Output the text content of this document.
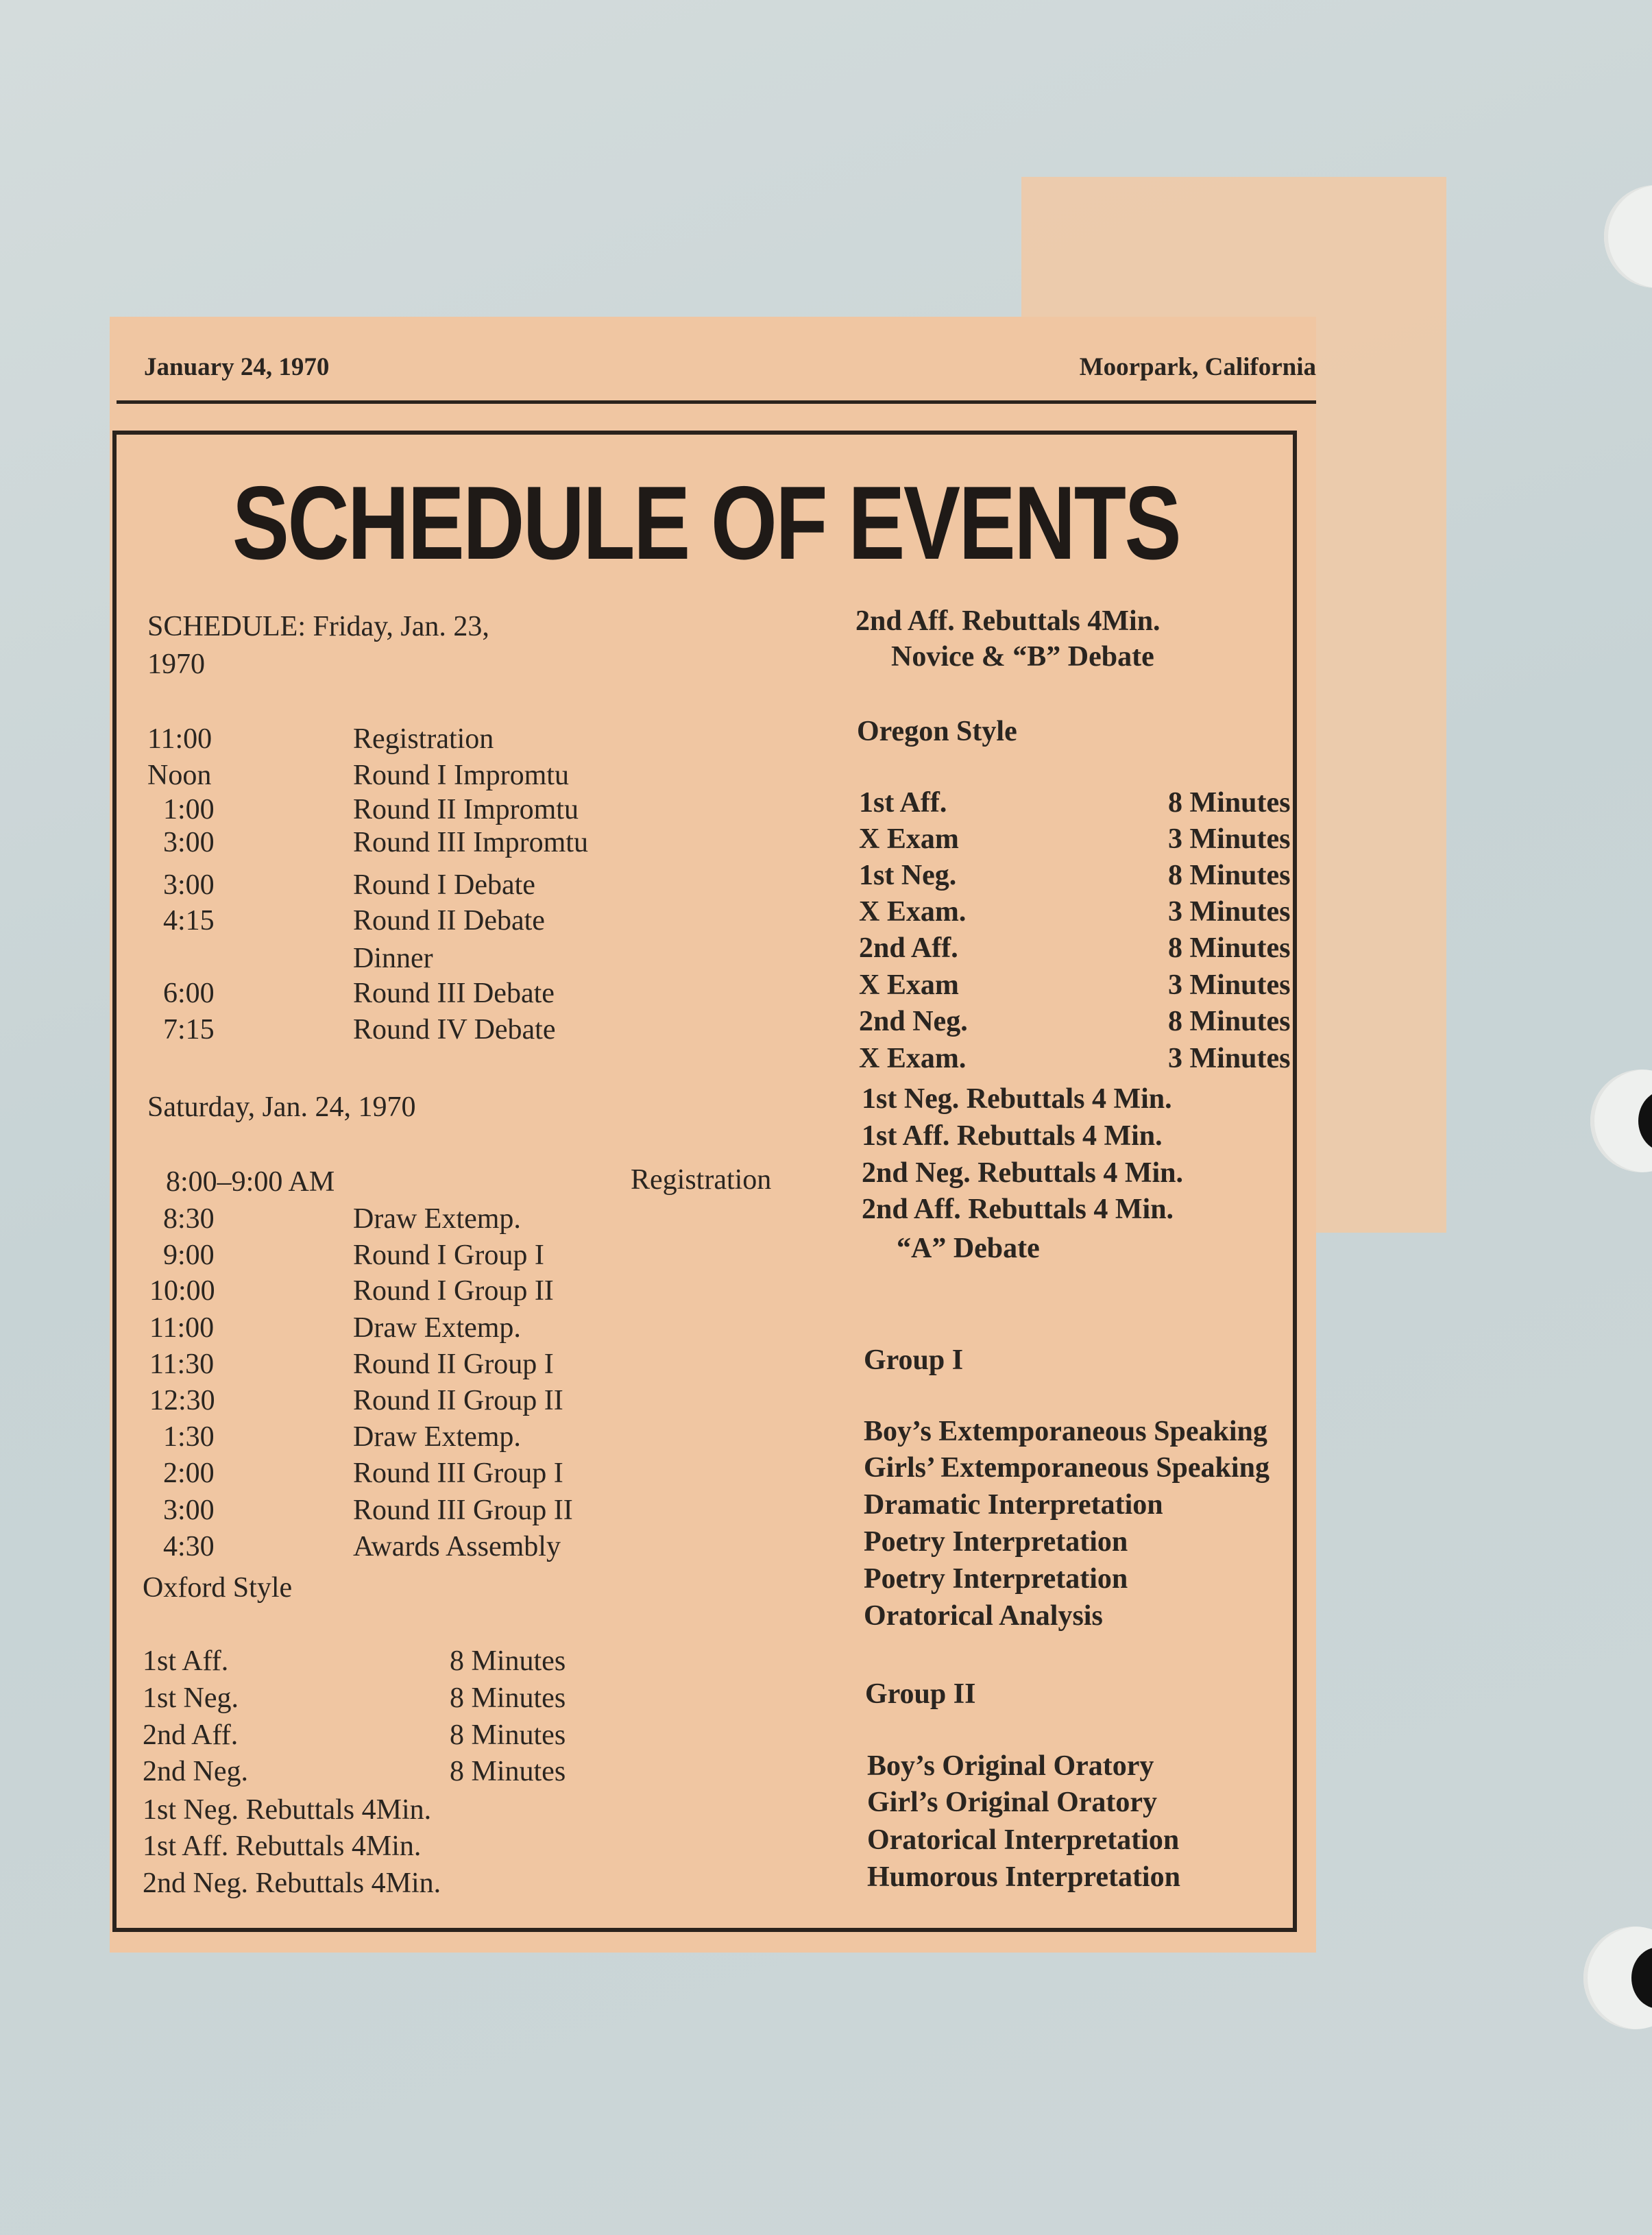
January 24, 1970	Moorpark, California
SCHEDULE OF EVENTS
SCHEDULE: Friday, Jan. 23,
1970
11:00	Registration
Noon	Round I Impromtu
1:00	Round II Impromtu
3:00	Round III Impromtu
3:00	Round I Debate
4:15	Round II Debate
Dinner
6:00	Round III Debate
7:15	Round IV Debate
Saturday, Jan. 24, 1970
8:00–9:00 AM	Registration
8:30	Draw Extemp.
9:00	Round I Group I
10:00	Round I Group II
11:00	Draw Extemp.
11:30	Round II Group I
12:30	Round II Group II
1:30	Draw Extemp.
2:00	Round III Group I
3:00	Round III Group II
4:30	Awards Assembly
Oxford Style
1st Aff.	8 Minutes
1st Neg.	8 Minutes
2nd Aff.	8 Minutes
2nd Neg.	8 Minutes
1st Neg. Rebuttals 4Min.
1st Aff. Rebuttals 4Min.
2nd Neg. Rebuttals 4Min.
2nd Aff. Rebuttals 4Min.
Novice & “B” Debate
Oregon Style
1st Aff.	8 Minutes
X Exam	3 Minutes
1st Neg.	8 Minutes
X Exam.	3 Minutes
2nd Aff.	8 Minutes
X Exam	3 Minutes
2nd Neg.	8 Minutes
X Exam.	3 Minutes
1st Neg. Rebuttals 4 Min.
1st Aff. Rebuttals 4 Min.
2nd Neg. Rebuttals 4 Min.
2nd Aff. Rebuttals 4 Min.
“A” Debate
Group I
Boy’s Extemporaneous Speaking
Girls’ Extemporaneous Speaking
Dramatic Interpretation
Poetry Interpretation
Poetry Interpretation
Oratorical Analysis
Group II
Boy’s Original Oratory
Girl’s Original Oratory
Oratorical Interpretation
Humorous Interpretation
